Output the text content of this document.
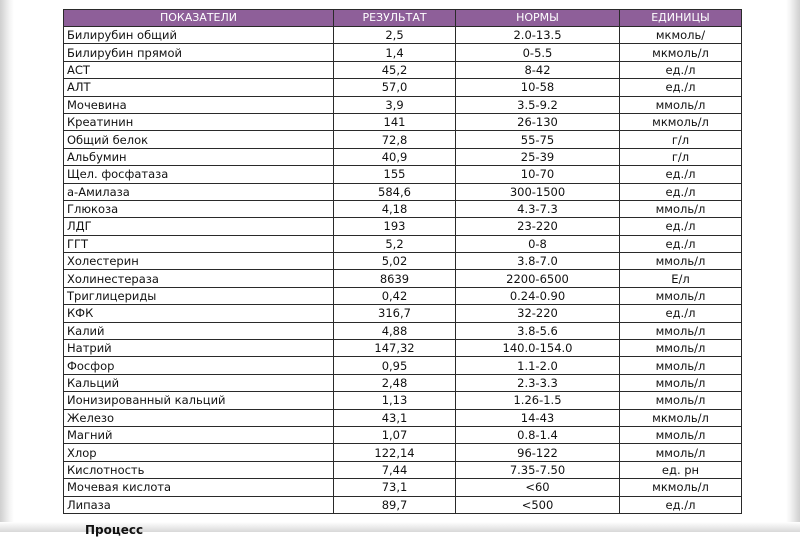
ПОКАЗАТЕЛИ	РЕЗУЛЬТАТ	НОРМЫ	ЕДИНИЦЫ
Билирубин общий	2,5	2.0-13.5	мкмоль/
Билирубин прямой	1,4	0-5.5	мкмоль/л
АСТ	45,2	8-42	ед./л
АЛТ	57,0	10-58	ед./л
Мочевина	3,9	3.5-9.2	ммоль/л
Креатинин	141	26-130	мкмоль/л
Общий белок	72,8	55-75	г/л
Альбумин	40,9	25-39	г/л
Щел. фосфатаза	155	10-70	ед./л
а-Амилаза	584,6	300-1500	ед./л
Глюкоза	4,18	4.3-7.3	ммоль/л
ЛДГ	193	23-220	ед./л
ГГТ	5,2	0-8	ед./л
Холестерин	5,02	3.8-7.0	ммоль/л
Холинестераза	8639	2200-6500	Е/л
Триглицериды	0,42	0.24-0.90	ммоль/л
КФК	316,7	32-220	ед./л
Калий	4,88	3.8-5.6	ммоль/л
Натрий	147,32	140.0-154.0	ммоль/л
Фосфор	0,95	1.1-2.0	ммоль/л
Кальций	2,48	2.3-3.3	ммоль/л
Ионизированный кальций	1,13	1.26-1.5	ммоль/л
Железо	43,1	14-43	мкмоль/л
Магний	1,07	0.8-1.4	ммоль/л
Хлор	122,14	96-122	ммоль/л
Кислотность	7,44	7.35-7.50	ед. рн
Мочевая кислота	73,1	<60	мкмоль/л
Липаза	89,7	<500	ед./л
Процесс
